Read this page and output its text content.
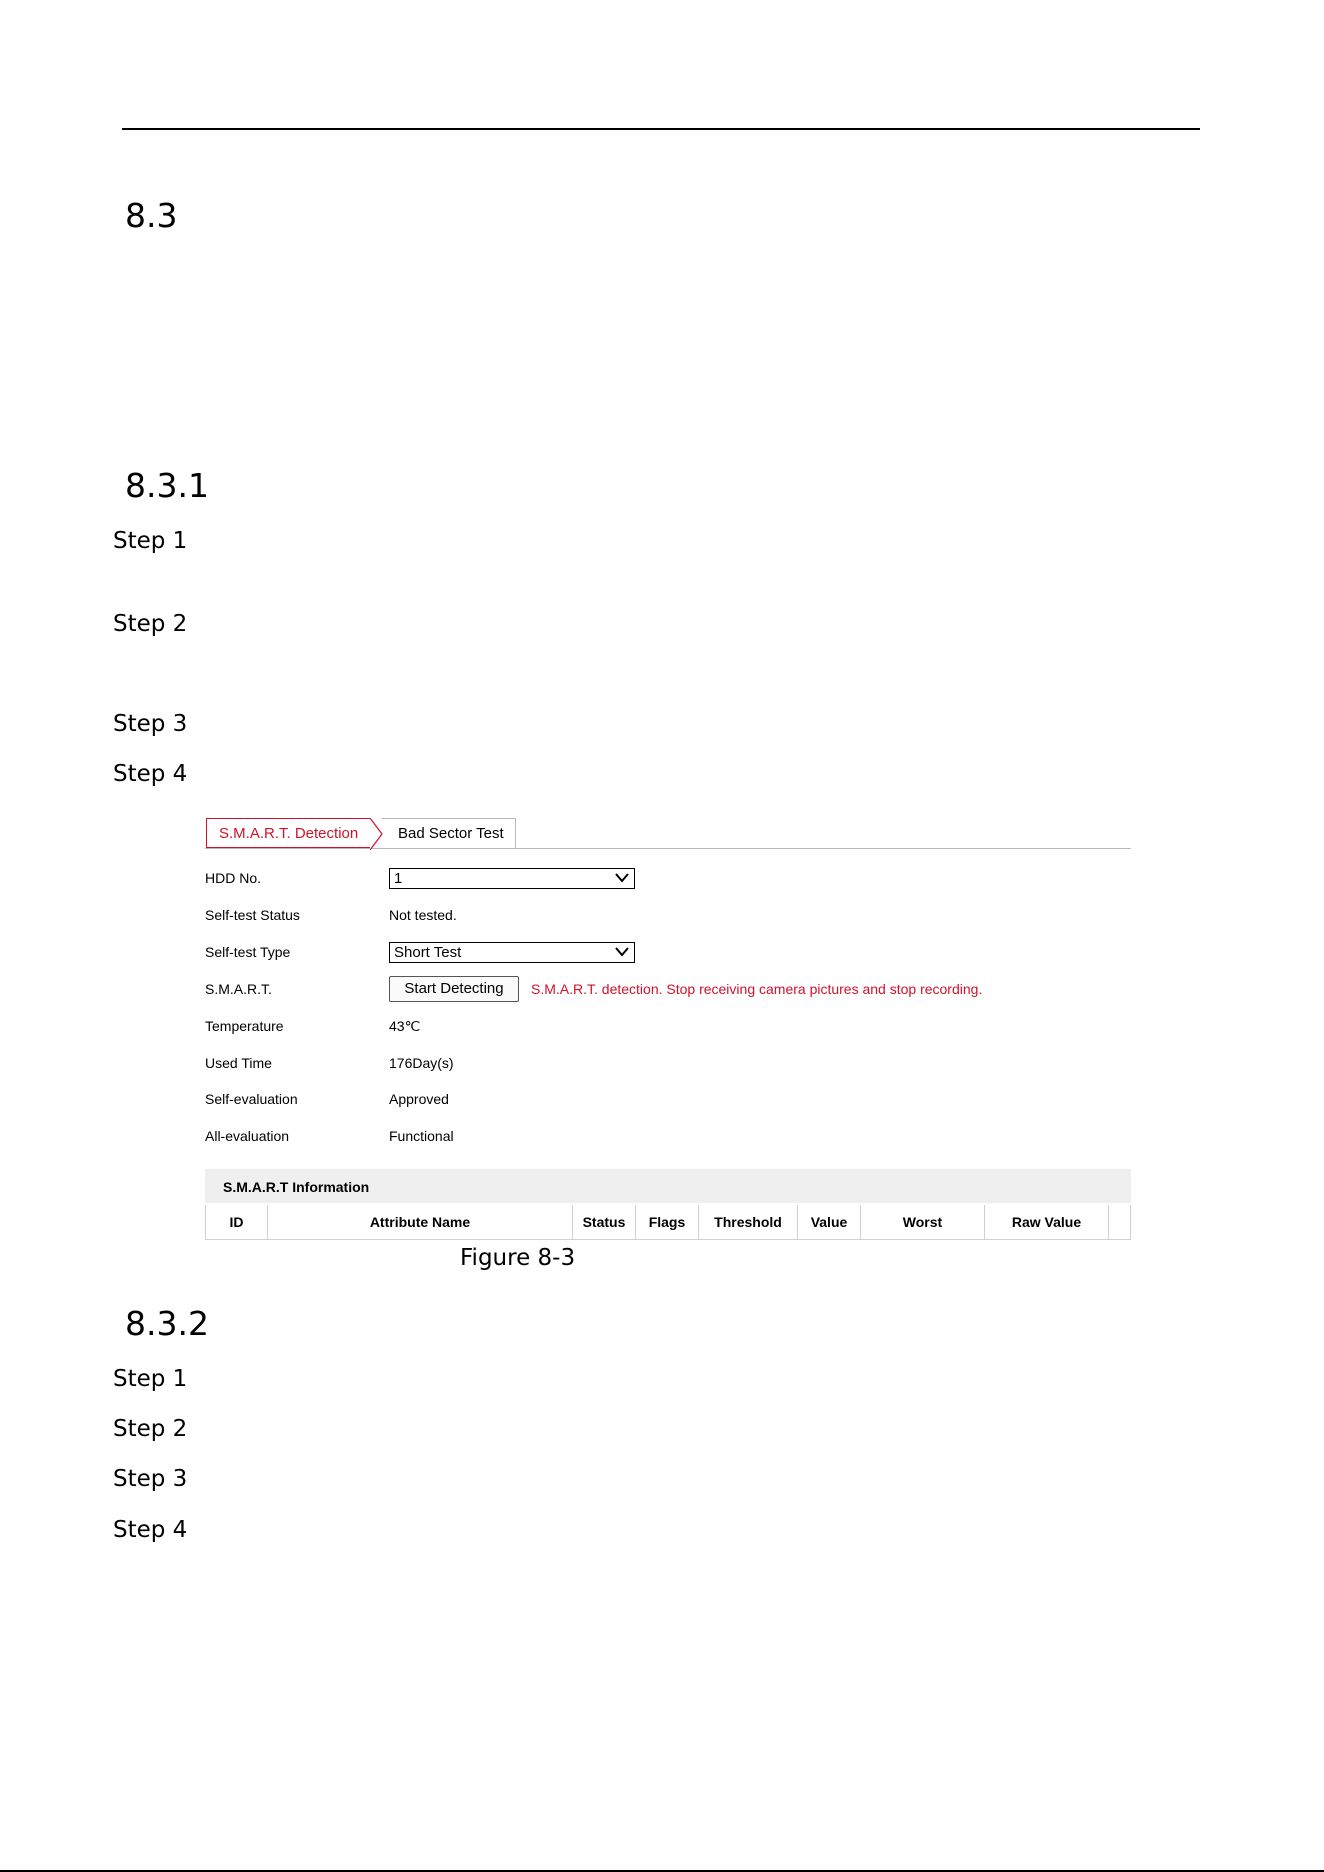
8.3
8.3.1
Step 1
Step 2
Step 3
Step 4
S.M.A.R.T. Detection	Bad Sector Test
HDD No.	1
Self-test Status	Not tested.
Self-test Type	Short Test
S.M.A.R.T.	Start Detecting	S.M.A.R.T. detection. Stop receiving camera pictures and stop recording.
Temperature	43℃
Used Time	176Day(s)
Self-evaluation	Approved
All-evaluation	Functional
S.M.A.R.T Information
ID	Attribute Name	Status	Flags	Threshold	Value	Worst	Raw Value
Figure 8-3
8.3.2
Step 1
Step 2
Step 3
Step 4
